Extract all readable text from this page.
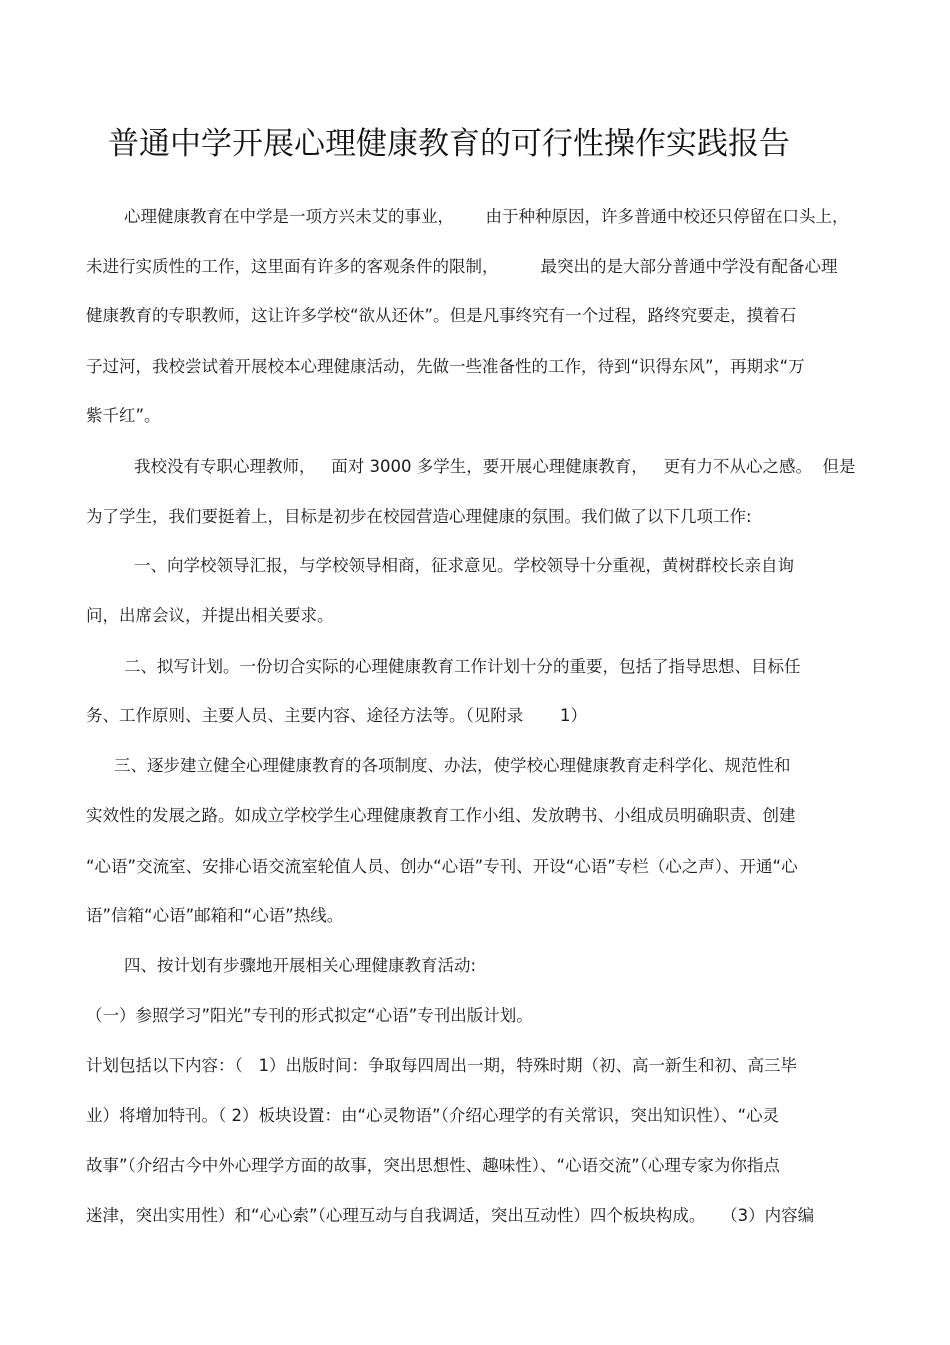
普通中学开展心理健康教育的可行性操作实践报告
心理健康教育在中学是一项方兴未艾的事业，      由于种种原因，许多普通中校还只停留在口头上，
未进行实质性的工作，这里面有许多的客观条件的限制，        最突出的是大部分普通中学没有配备心理
健康教育的专职教师，这让许多学校“欲从还休”。但是凡事终究有一个过程，路终究要走，摸着石
子过河，我校尝试着开展校本心理健康活动，先做一些准备性的工作，待到“识得东风”，再期求“万
紫千红”。
我校没有专职心理教师，   面对 3000 多学生，要开展心理健康教育，   更有力不从心之感。  但是
为了学生，我们要挺着上，目标是初步在校园营造心理健康的氛围。我们做了以下几项工作:
一、向学校领导汇报，与学校领导相商，征求意见。学校领导十分重视，黄树群校长亲自询
问，出席会议，并提出相关要求。
二、拟写计划。一份切合实际的心理健康教育工作计划十分的重要，包括了指导思想、目标任
务、工作原则、主要人员、主要内容、途径方法等。（见附录       1）
三、逐步建立健全心理健康教育的各项制度、办法，使学校心理健康教育走科学化、规范性和
实效性的发展之路。如成立学校学生心理健康教育工作小组、发放聘书、小组成员明确职责、创建
“心语”交流室、安排心语交流室轮值人员、创办“心语”专刊、开设“心语”专栏（心之声）、开通“心
语”信箱“心语”邮箱和“心语”热线。
四、按计划有步骤地开展相关心理健康教育活动:
（一）参照学习”阳光”专刊的形式拟定“心语”专刊出版计划。
计划包括以下内容：（   1）出版时间：争取每四周出一期，特殊时期（初、高一新生和初、高三毕
业）将增加特刊。（ 2）板块设置：由“心灵物语”（介绍心理学的有关常识，突出知识性）、“心灵
故事”（介绍古今中外心理学方面的故事，突出思想性、趣味性）、“心语交流”（心理专家为你指点
迷津，突出实用性）和“心心索”（心理互动与自我调适，突出互动性）四个板块构成。   （3）内容编
